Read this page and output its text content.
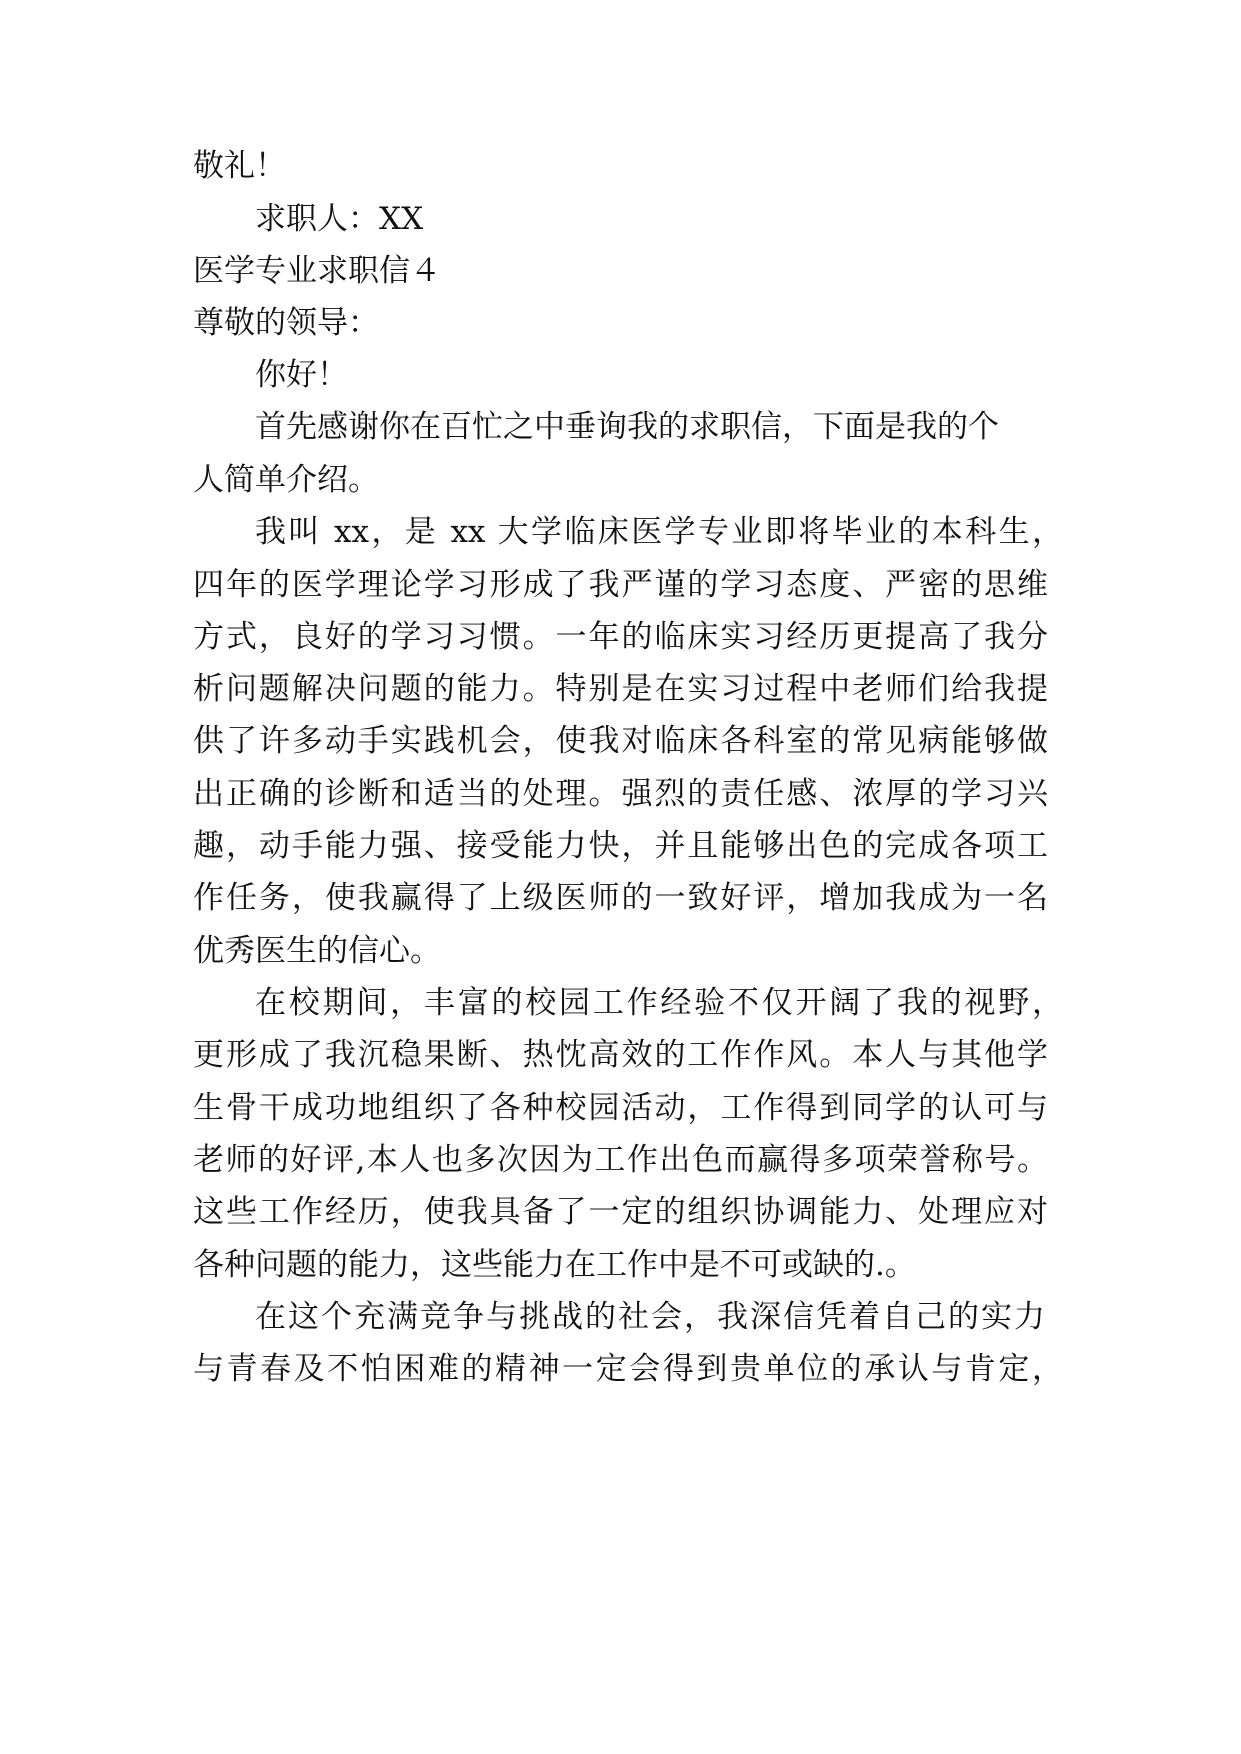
敬礼！
求职人：XX
医学专业求职信４
尊敬的领导：
你好！
首先感谢你在百忙之中垂询我的求职信，下面是我的个
人简单介绍。
我叫 xx，是 xx 大学临床医学专业即将毕业的本科生，
四年的医学理论学习形成了我严谨的学习态度、严密的思维
方式，良好的学习习惯。一年的临床实习经历更提高了我分
析问题解决问题的能力。特别是在实习过程中老师们给我提
供了许多动手实践机会，使我对临床各科室的常见病能够做
出正确的诊断和适当的处理。强烈的责任感、浓厚的学习兴
趣，动手能力强、接受能力快，并且能够出色的完成各项工
作任务，使我赢得了上级医师的一致好评，增加我成为一名
优秀医生的信心。
在校期间，丰富的校园工作经验不仅开阔了我的视野，
更形成了我沉稳果断、热忱高效的工作作风。本人与其他学
生骨干成功地组织了各种校园活动，工作得到同学的认可与
老师的好评,本人也多次因为工作出色而赢得多项荣誉称号。
这些工作经历，使我具备了一定的组织协调能力、处理应对
各种问题的能力，这些能力在工作中是不可或缺的.。
在这个充满竞争与挑战的社会，我深信凭着自己的实力
与青春及不怕困难的精神一定会得到贵单位的承认与肯定，
